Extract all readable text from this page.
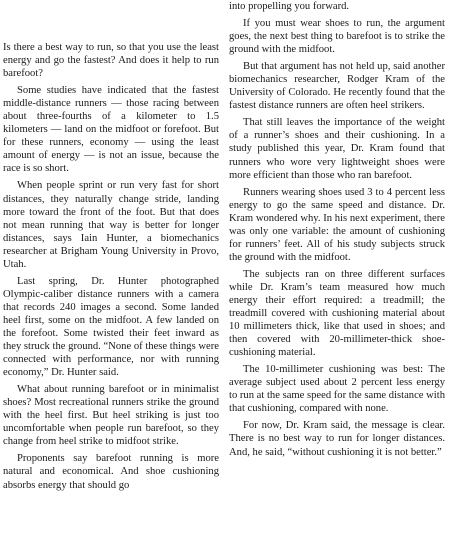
Is there a best way to run, so that you use the least energy and go the fastest? And does it help to run barefoot?

Some studies have indicated that the fastest middle-distance runners — those racing between about three-fourths of a kilometer to 1.5 kilometers — land on the midfoot or forefoot. But for these runners, economy — using the least amount of energy — is not an issue, because the race is so short.

When people sprint or run very fast for short distances, they naturally change stride, landing more toward the front of the foot. But that does not mean running that way is better for longer distances, says Iain Hunter, a biomechanics researcher at Brigham Young University in Provo, Utah.

Last spring, Dr. Hunter photographed Olympic-caliber distance runners with a camera that records 240 images a second. Some landed heel first, some on the midfoot. A few landed on the forefoot. Some twisted their feet inward as they struck the ground. “None of these things were connected with performance, nor with running economy,” Dr. Hunter said.

What about running barefoot or in minimalist shoes? Most recreational runners strike the ground with the heel first. But heel striking is just too uncomfortable when people run barefoot, so they change from heel strike to midfoot strike.

Proponents say barefoot running is more natural and economical. And shoe cushioning absorbs energy that should go

into propelling you forward.

If you must wear shoes to run, the argument goes, the next best thing to barefoot is to strike the ground with the midfoot.

But that argument has not held up, said another biomechanics researcher, Rodger Kram of the University of Colorado. He recently found that the fastest distance runners are often heel strikers.

That still leaves the importance of the weight of a runner’s shoes and their cushioning. In a study published this year, Dr. Kram found that runners who wore very lightweight shoes were more efficient than those who ran barefoot.

Runners wearing shoes used 3 to 4 percent less energy to go the same speed and distance. Dr. Kram wondered why. In his next experiment, there was only one variable: the amount of cushioning for runners’ feet. All of his study subjects struck the ground with the midfoot.

The subjects ran on three different surfaces while Dr. Kram’s team measured how much energy their effort required: a treadmill; the treadmill covered with cushioning material about 10 millimeters thick, like that used in shoes; and then covered with 20-millimeter-thick shoe-cushioning material.

The 10-millimeter cushioning was best: The average subject used about 2 percent less energy to run at the same speed for the same distance with that cushioning, compared with none.

For now, Dr. Kram said, the message is clear. There is no best way to run for longer distances. And, he said, “without cushioning it is not better.”
